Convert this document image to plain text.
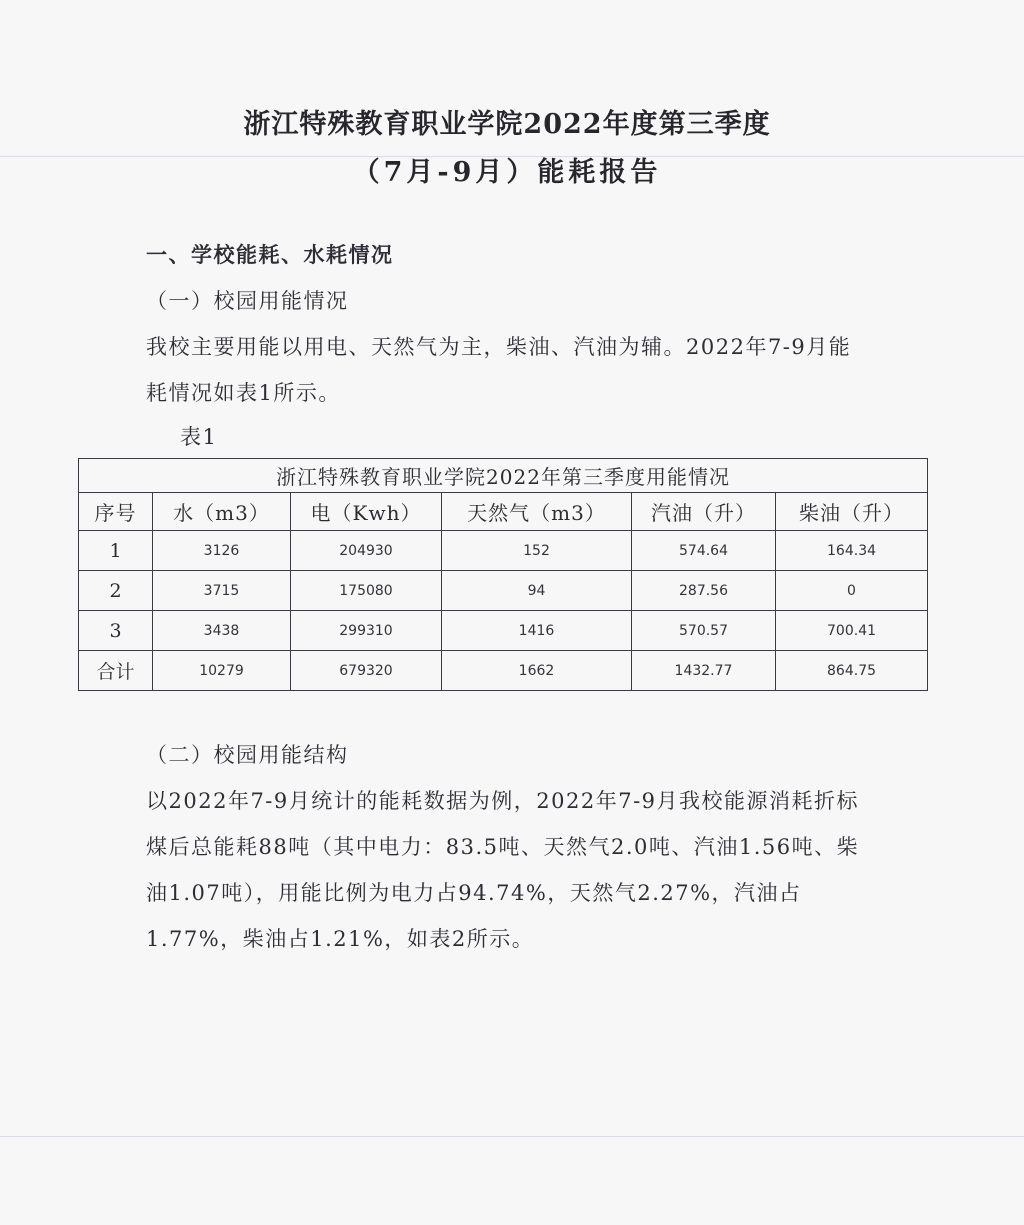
浙江特殊教育职业学院2022年度第三季度
（7月-9月）能耗报告
一、学校能耗、水耗情况
（一）校园用能情况
我校主要用能以用电、天然气为主，柴油、汽油为辅。2022年7-9月能耗情况如表1所示。
表1
浙江特殊教育职业学院2022年第三季度用能情况					
序号	水（m3）	电（Kwh）	天然气（m3）	汽油（升）	柴油（升）
1	3126	204930	152	574.64	164.34
2	3715	175080	94	287.56	0
3	3438	299310	1416	570.57	700.41
合计	10279	679320	1662	1432.77	864.75
（二）校园用能结构
以2022年7-9月统计的能耗数据为例，2022年7-9月我校能源消耗折标煤后总能耗88吨（其中电力：83.5吨、天然气2.0吨、汽油1.56吨、柴油1.07吨），用能比例为电力占94.74%，天然气2.27%，汽油占1.77%，柴油占1.21%，如表2所示。
